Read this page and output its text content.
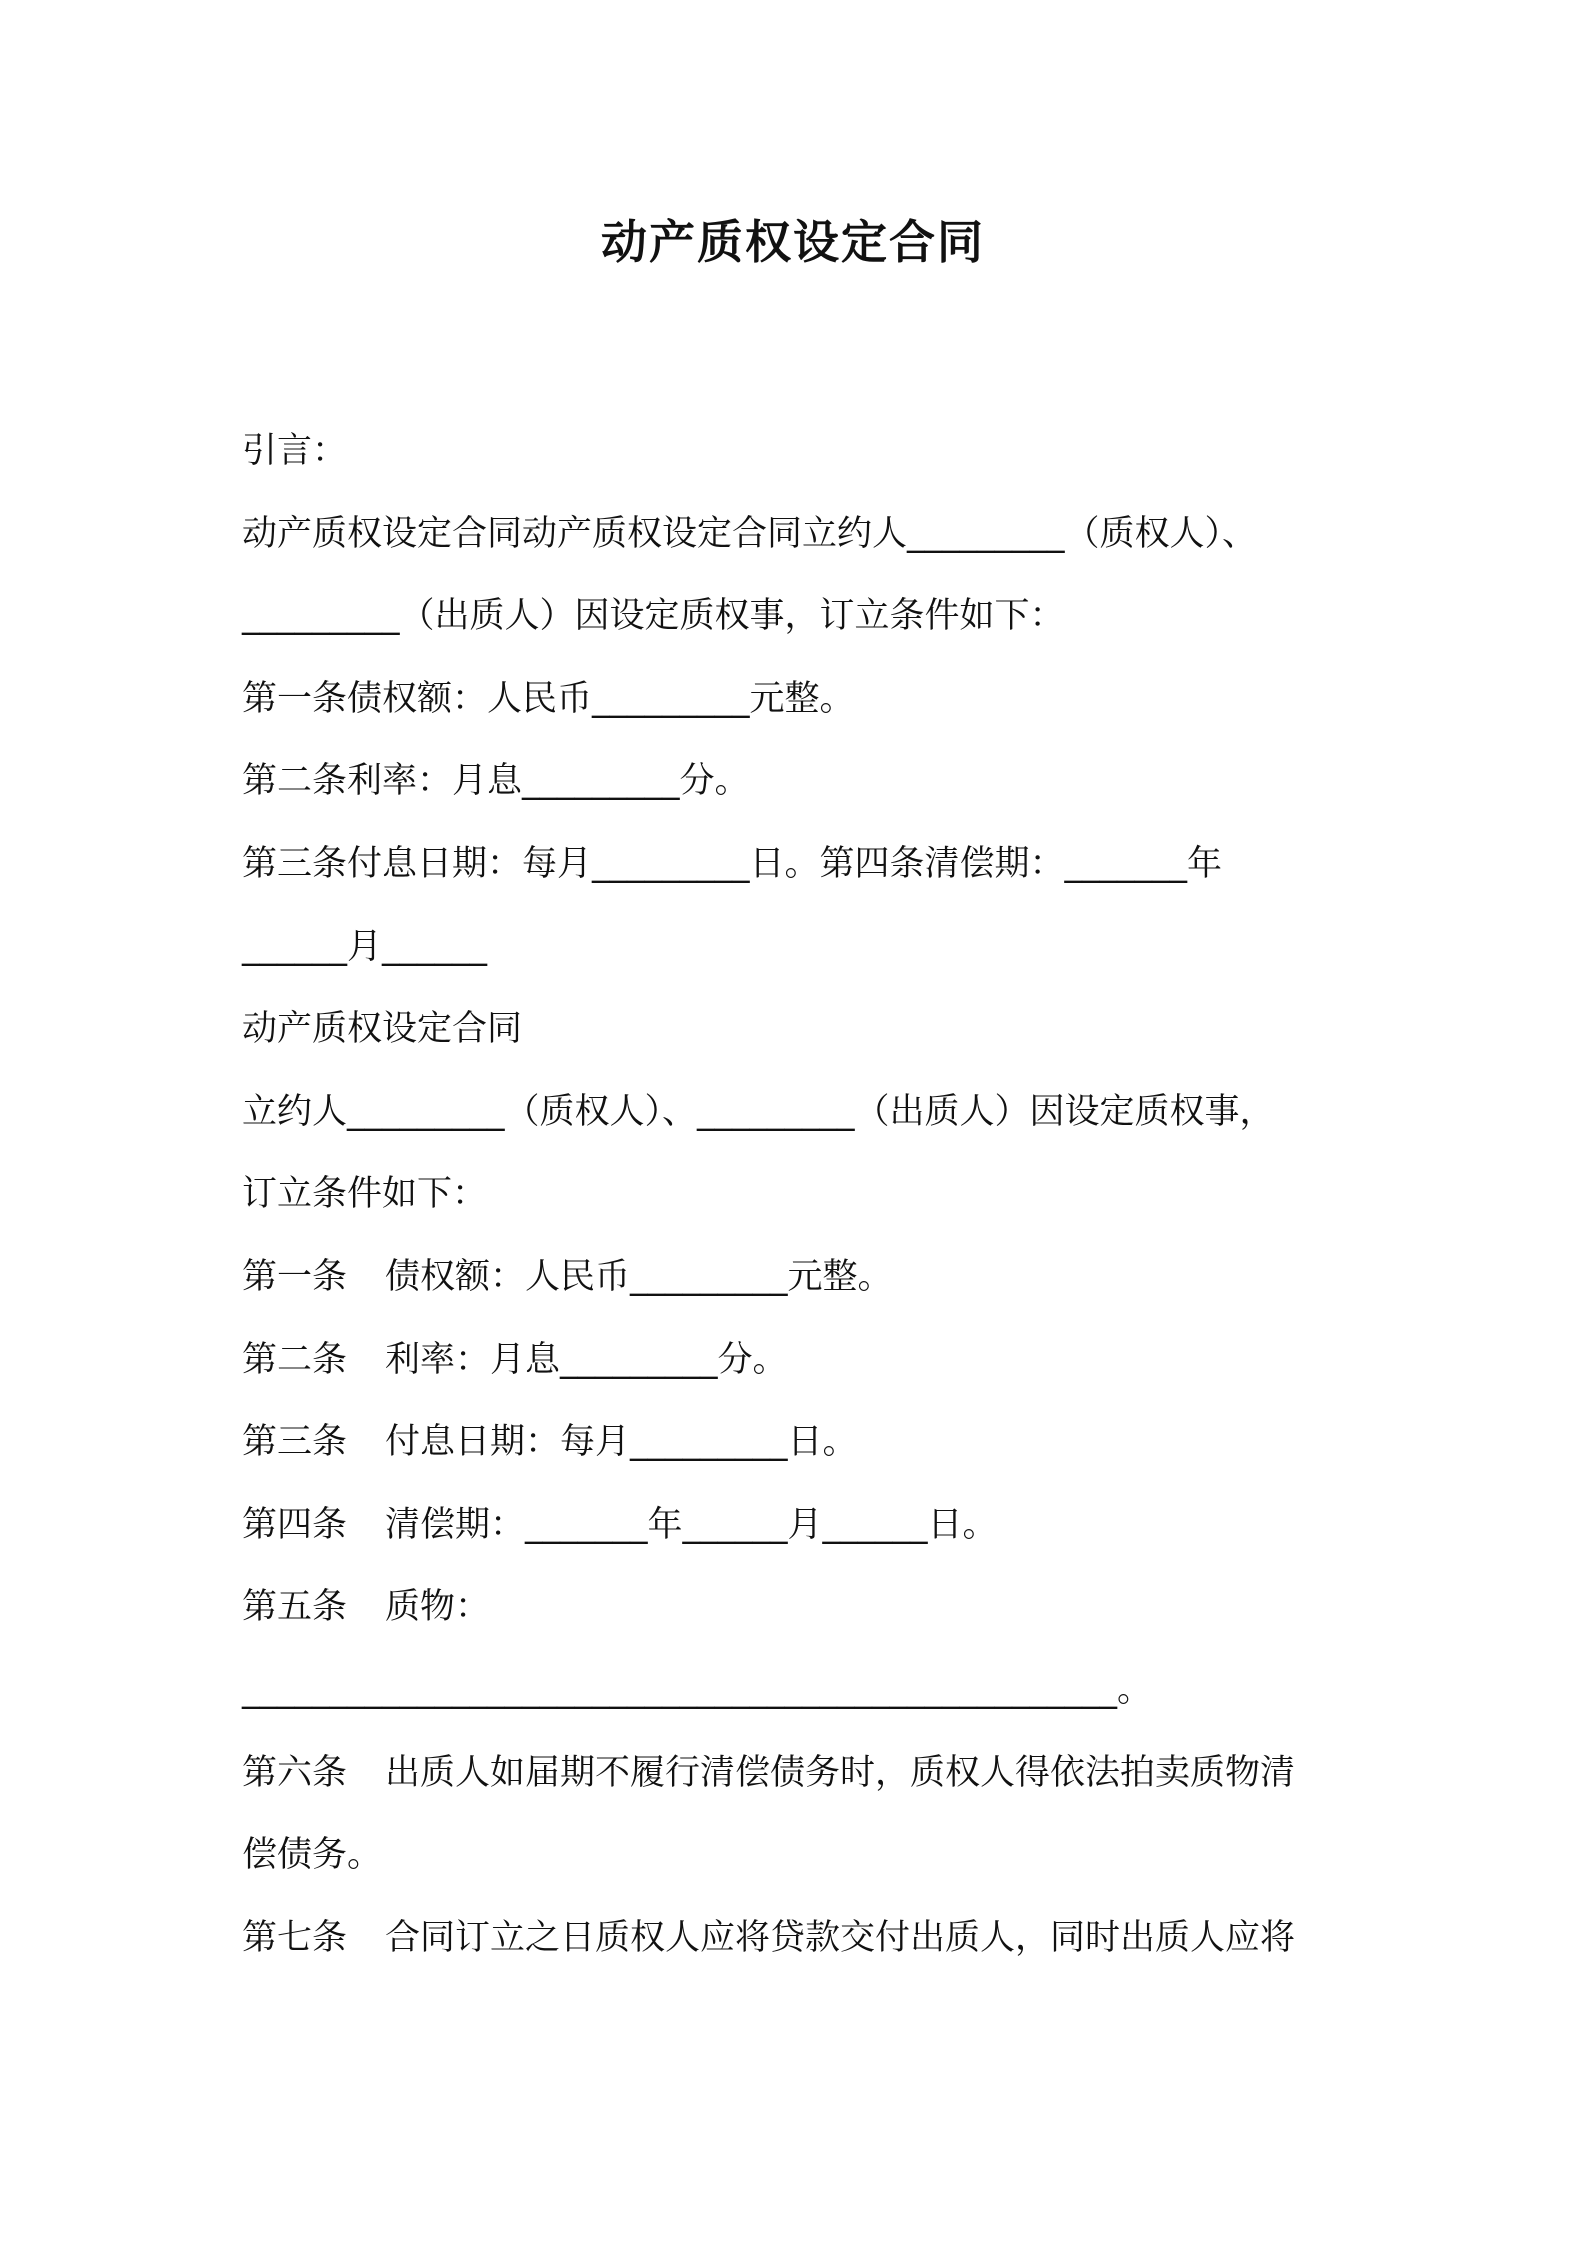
动产质权设定合同
引言：
动产质权设定合同动产质权设定合同立约人_________（质权人）、
_________（出质人）因设定质权事，订立条件如下：
第一条债权额：人民币_________元整。
第二条利率：月息_________分。
第三条付息日期：每月_________日。第四条清偿期：_______年
______月______
动产质权设定合同
立约人_________（质权人）、_________（出质人）因设定质权事，
订立条件如下：
第一条 债权额：人民币_________元整。
第二条 利率：月息_________分。
第三条 付息日期：每月_________日。
第四条 清偿期：_______年______月______日。
第五条 质物：
__________________________________________________。
第六条 出质人如届期不履行清偿债务时，质权人得依法拍卖质物清
偿债务。
第七条 合同订立之日质权人应将贷款交付出质人，同时出质人应将
